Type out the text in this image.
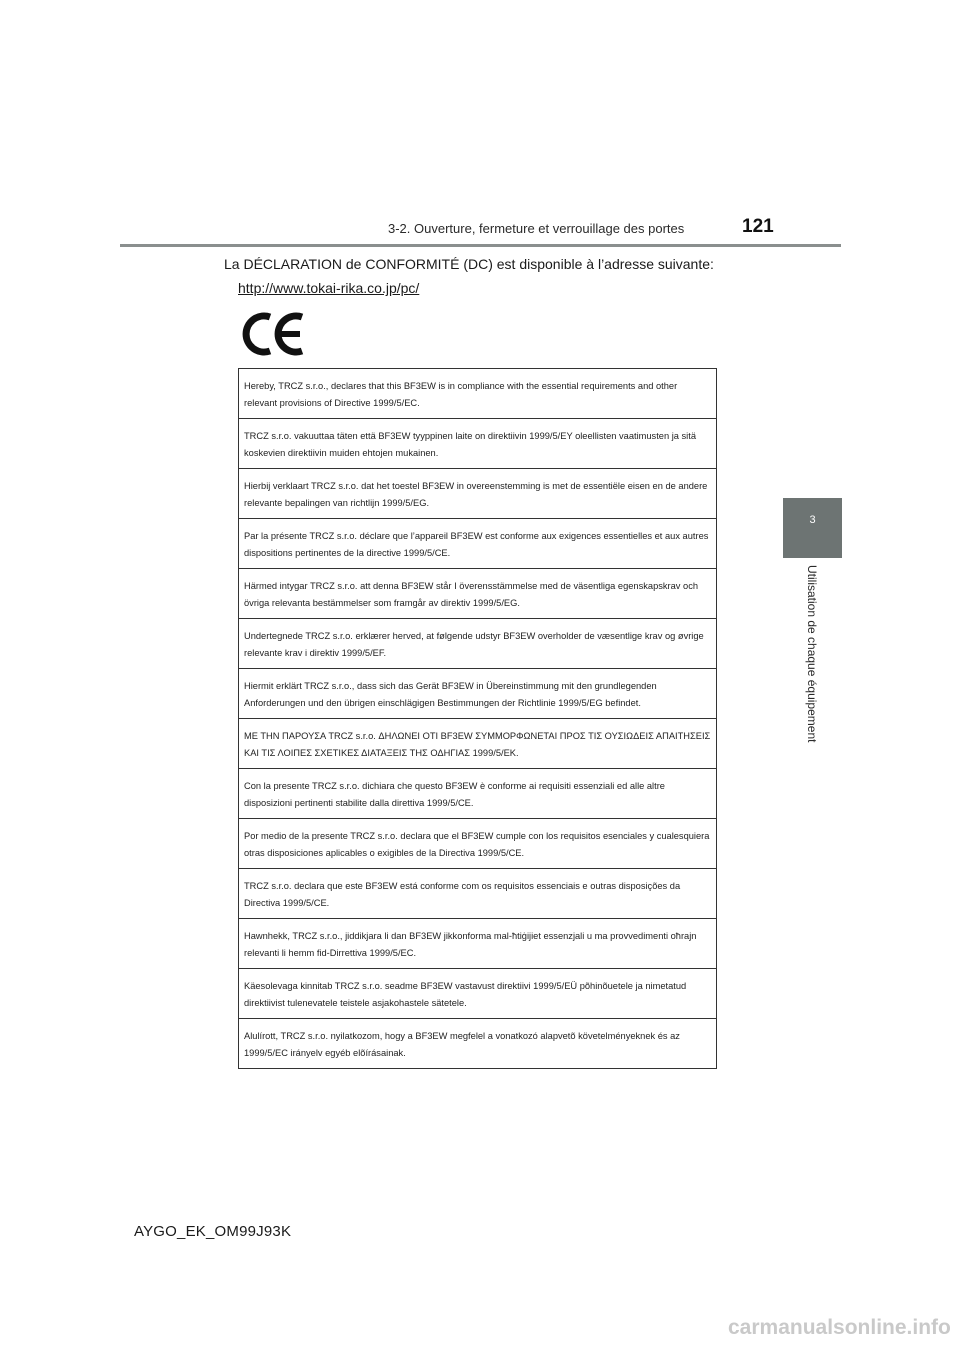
3-2. Ouverture, fermeture et verrouillage des portes	121
3
Utilisation de chaque équipement
La DÉCLARATION de CONFORMITÉ (DC) est disponible à l’adresse suivante:
http://www.tokai-rika.co.jp/pc/
Hereby, TRCZ s.r.o., declares that this BF3EW is in compliance with the essential requirements and other relevant provisions of Directive 1999/5/EC.
TRCZ s.r.o. vakuuttaa täten että BF3EW tyyppinen laite on direktiivin 1999/5/EY oleellisten vaatimusten ja sitä koskevien direktiivin muiden ehtojen mukainen.
Hierbij verklaart TRCZ s.r.o. dat het toestel BF3EW in overeenstemming is met de essentiële eisen en de andere relevante bepalingen van richtlijn 1999/5/EG.
Par la présente TRCZ s.r.o. déclare que l’appareil BF3EW est conforme aux exigences essentielles et aux autres dispositions pertinentes de la directive 1999/5/CE.
Härmed intygar TRCZ s.r.o. att denna BF3EW står I överensstämmelse med de väsentliga egenskapskrav och övriga relevanta bestämmelser som framgår av direktiv 1999/5/EG.
Undertegnede TRCZ s.r.o. erklærer herved, at følgende udstyr BF3EW overholder de væsentlige krav og øvrige relevante krav i direktiv 1999/5/EF.
Hiermit erklärt TRCZ s.r.o., dass sich das Gerät BF3EW in Übereinstimmung mit den grundlegenden Anforderungen und den übrigen einschlägigen Bestimmungen der Richtlinie 1999/5/EG befindet.
ΜΕ ΤΗΝ ΠΑΡΟΥΣΑ TRCZ s.r.o. ΔΗΛΩΝΕΙ ΟΤΙ BF3EW ΣΥΜΜΟΡΦΩΝΕΤΑΙ ΠΡΟΣ ΤΙΣ ΟΥΣΙΩΔΕΙΣ ΑΠΑΙΤΗΣΕΙΣ ΚΑΙ ΤΙΣ ΛΟΙΠΕΣ ΣΧΕΤΙΚΕΣ ΔΙΑΤΑΞΕΙΣ ΤΗΣ ΟΔΗΓΙΑΣ 1999/5/ΕΚ.
Con la presente TRCZ s.r.o. dichiara che questo BF3EW è conforme ai requisiti essenziali ed alle altre disposizioni pertinenti stabilite dalla direttiva 1999/5/CE.
Por medio de la presente TRCZ s.r.o. declara que el BF3EW cumple con los requisitos esenciales y cualesquiera otras disposiciones aplicables o exigibles de la Directiva 1999/5/CE.
TRCZ s.r.o. declara que este BF3EW está conforme com os requisitos essenciais e outras disposições da Directiva 1999/5/CE.
Hawnhekk, TRCZ s.r.o., jiddikjara li dan BF3EW jikkonforma mal-ħtiġijiet essenzjali u ma provvedimenti oħrajn relevanti li hemm fid-Dirrettiva 1999/5/EC.
Käesolevaga kinnitab TRCZ s.r.o. seadme BF3EW vastavust direktiivi 1999/5/EÜ põhinõuetele ja nimetatud direktiivist tulenevatele teistele asjakohastele sätetele.
Alulírott, TRCZ s.r.o. nyilatkozom, hogy a BF3EW megfelel a vonatkozó alapvetõ követelményeknek és az 1999/5/EC irányelv egyéb elõírásainak.
AYGO_EK_OM99J93K
carmanualsonline.info
